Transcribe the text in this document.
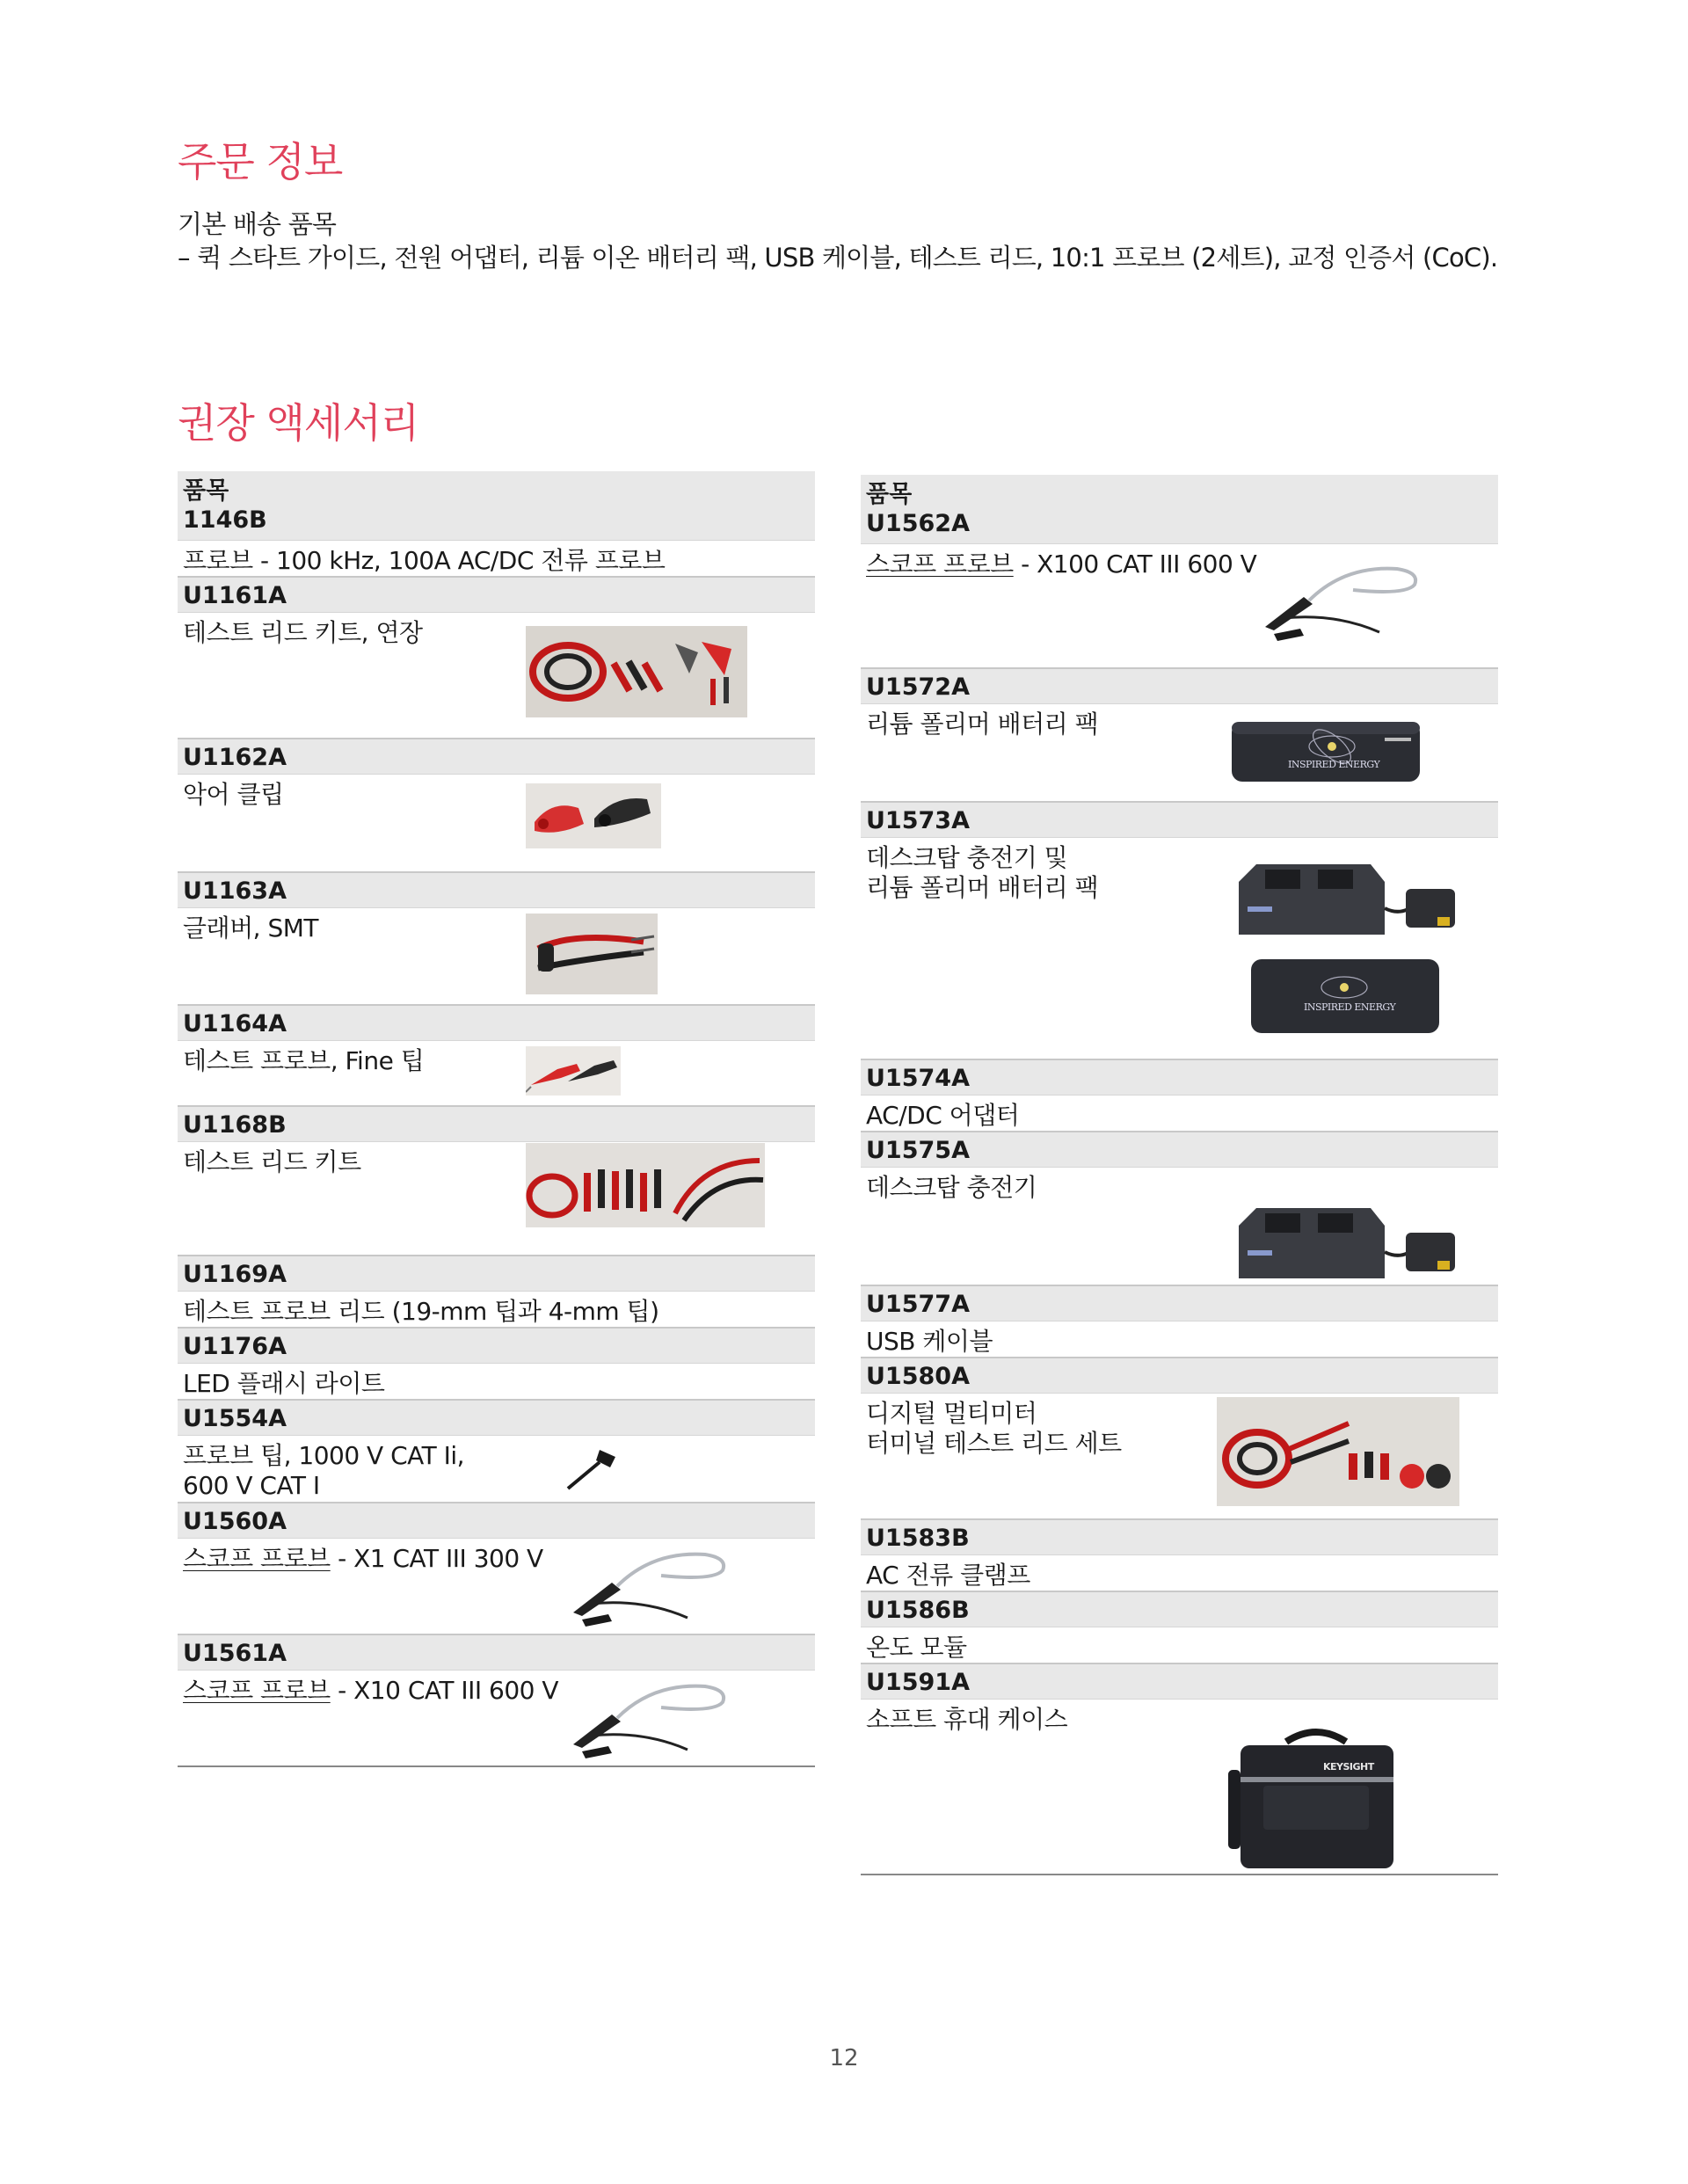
주문 정보
기본 배송 품목
– 퀵 스타트 가이드, 전원 어댑터, 리튬 이온 배터리 팩, USB 케이블, 테스트 리드, 10:1 프로브 (2세트), 교정 인증서 (CoC).
권장 액세서리
품목
1146B
프로브 - 100 kHz, 100A AC/DC 전류 프로브
U1161A
테스트 리드 키트, 연장
U1162A
악어 클립
U1163A
글래버, SMT
U1164A
테스트 프로브, Fine 팁
U1168B
테스트 리드 키트
U1169A
테스트 프로브 리드 (19-mm 팁과 4-mm 팁)
U1176A
LED 플래시 라이트
U1554A
프로브 팁, 1000 V CAT Ii,
600 V CAT I
U1560A
스코프 프로브 - X1 CAT III 300 V
U1561A
스코프 프로브 - X10 CAT III 600 V
품목
U1562A
스코프 프로브 - X100 CAT III 600 V
U1572A
리튬 폴리머 배터리 팩
INSPIRED ENERGY
U1573A
데스크탑 충전기 및
리튬 폴리머 배터리 팩
INSPIRED ENERGY
U1574A
AC/DC 어댑터
U1575A
데스크탑 충전기
U1577A
USB 케이블
U1580A
디지털 멀티미터
터미널 테스트 리드 세트
U1583B
AC 전류 클램프
U1586B
온도 모듈
U1591A
소프트 휴대 케이스
KEYSIGHT
12
